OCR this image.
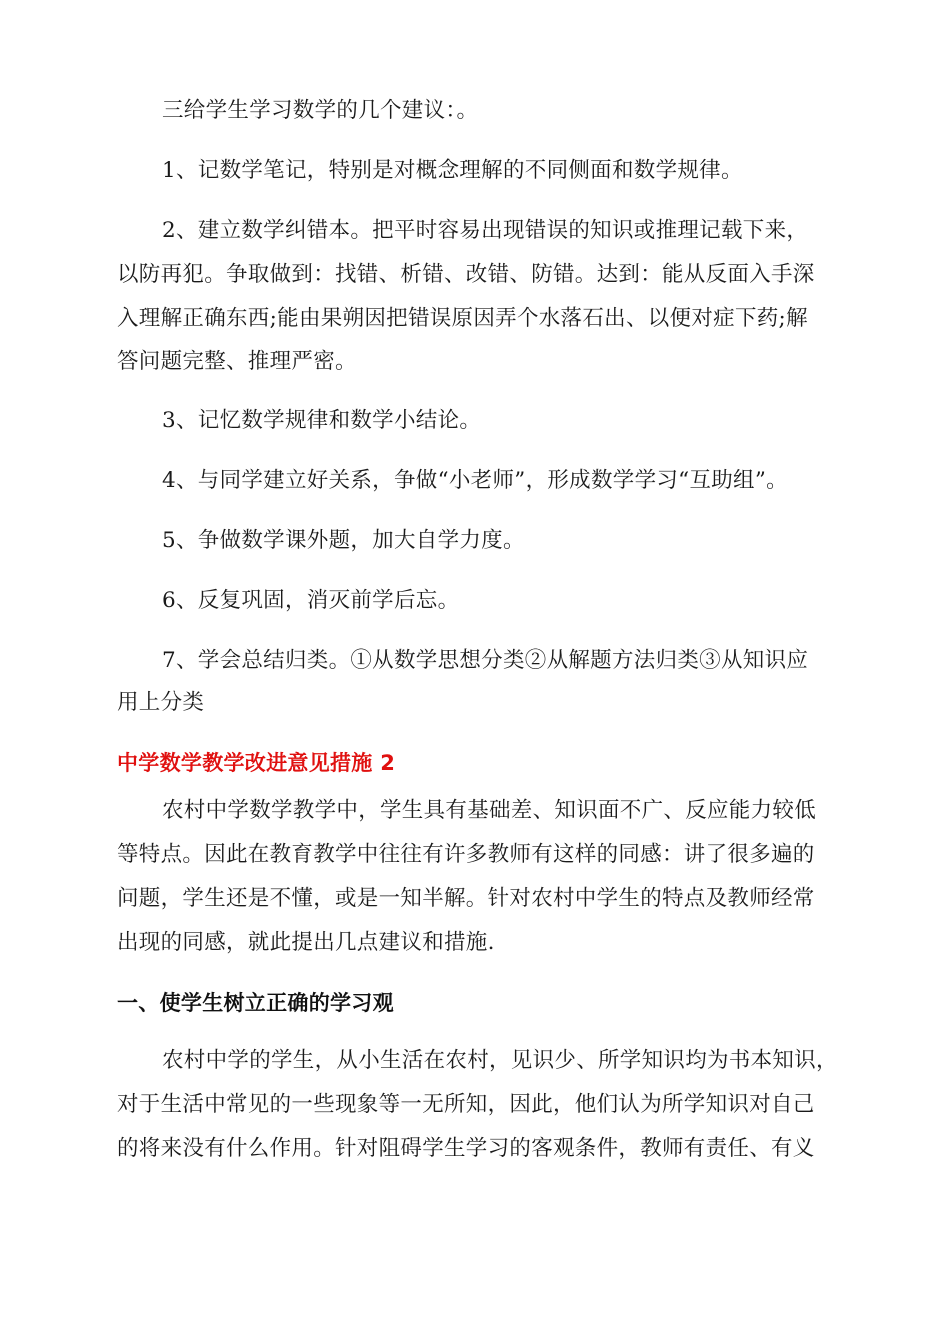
三给学生学习数学的几个建议：。
1、记数学笔记，特别是对概念理解的不同侧面和数学规律。
2、建立数学纠错本。把平时容易出现错误的知识或推理记载下来，
以防再犯。争取做到：找错、析错、改错、防错。达到：能从反面入手深
入理解正确东西;能由果朔因把错误原因弄个水落石出、以便对症下药;解
答问题完整、推理严密。
3、记忆数学规律和数学小结论。
4、与同学建立好关系，争做“小老师”，形成数学学习“互助组”。
5、争做数学课外题，加大自学力度。
6、反复巩固，消灭前学后忘。
7、学会总结归类。①从数学思想分类②从解题方法归类③从知识应
用上分类
中学数学教学改进意见措施 2
农村中学数学教学中，学生具有基础差、知识面不广、反应能力较低
等特点。因此在教育教学中往往有许多教师有这样的同感：讲了很多遍的
问题，学生还是不懂，或是一知半解。针对农村中学生的特点及教师经常
出现的同感，就此提出几点建议和措施.
一、使学生树立正确的学习观
农村中学的学生，从小生活在农村，见识少、所学知识均为书本知识，
对于生活中常见的一些现象等一无所知，因此，他们认为所学知识对自己
的将来没有什么作用。针对阻碍学生学习的客观条件，教师有责任、有义
